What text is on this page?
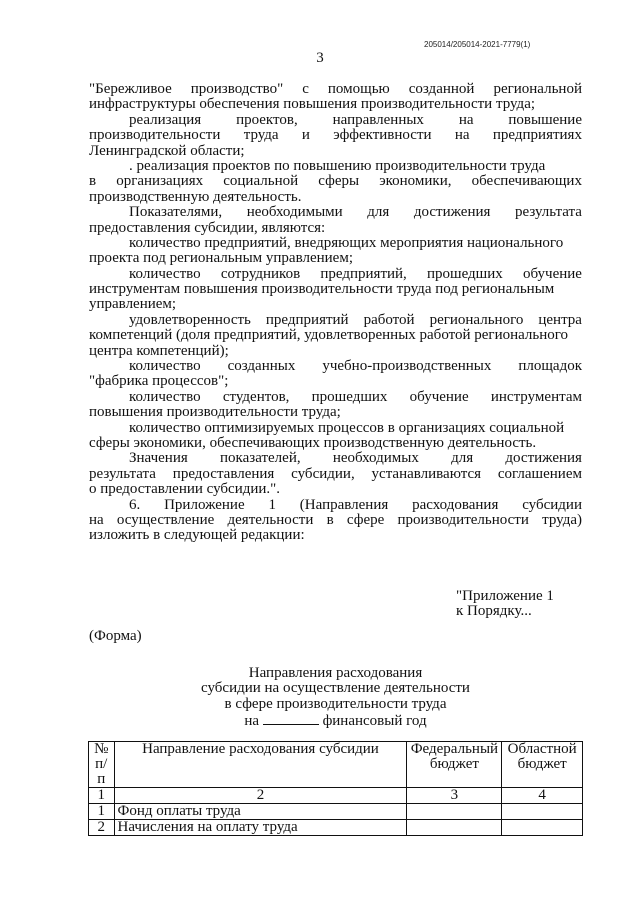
205014/205014-2021-7779(1)
3
"Бережливое производство" с помощью созданной региональной
инфраструктуры обеспечения повышения производительности труда;
реализация проектов, направленных на повышение
производительности труда и эффективности на предприятиях
Ленинградской области;
. реализация проектов по повышению производительности труда
в организациях социальной сферы экономики, обеспечивающих
производственную деятельность.
Показателями, необходимыми для достижения результата
предоставления субсидии, являются:
количество предприятий, внедряющих мероприятия национального
проекта под региональным управлением;
количество сотрудников предприятий, прошедших обучение
инструментам повышения производительности труда под региональным
управлением;
удовлетворенность предприятий работой регионального центра
компетенций (доля предприятий, удовлетворенных работой регионального
центра компетенций);
количество созданных учебно-производственных площадок
"фабрика процессов";
количество студентов, прошедших обучение инструментам
повышения производительности труда;
количество оптимизируемых процессов в организациях социальной
сферы экономики, обеспечивающих производственную деятельность.
Значения показателей, необходимых для достижения
результата предоставления субсидии, устанавливаются соглашением
о предоставлении субсидии.".
6. Приложение 1 (Направления расходования субсидии
на осуществление деятельности в сфере производительности труда)
изложить в следующей редакции:
"Приложение 1
к Порядку...
(Форма)
Направления расходования
субсидии на осуществление деятельности
в сфере производительности труда
на	финансовый год
№ п/п	Направление расходования субсидии	Федеральный бюджет	Областной бюджет
1	2	3	4
1	Фонд оплаты труда		
2	Начисления на оплату труда		
